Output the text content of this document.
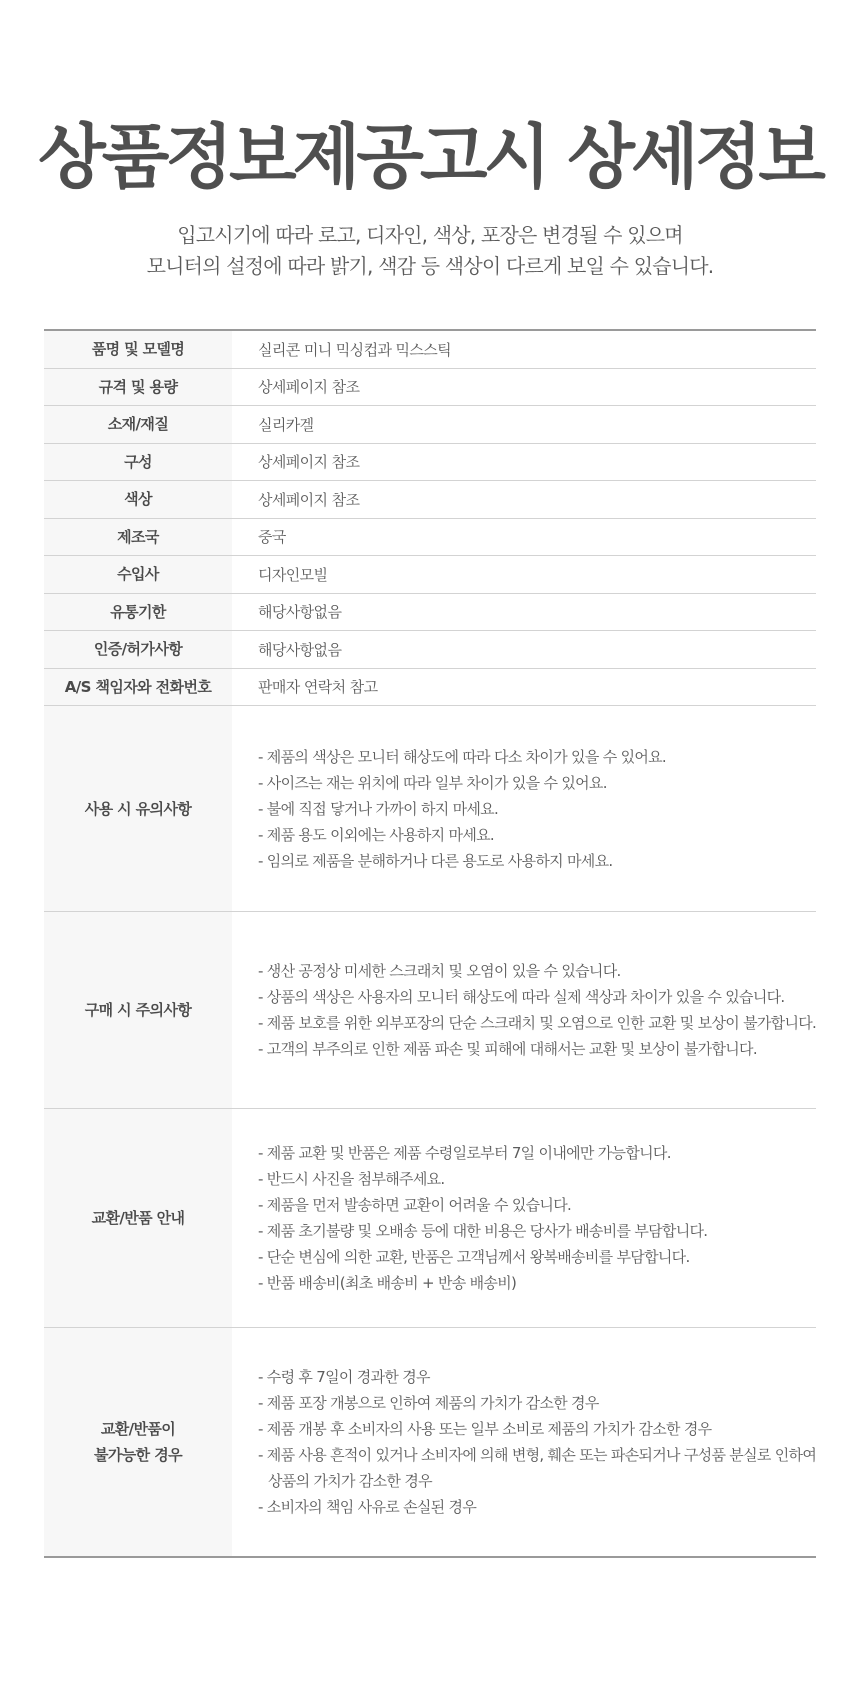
상품정보제공고시 상세정보
입고시기에 따라 로고, 디자인, 색상, 포장은 변경될 수 있으며
모니터의 설정에 따라 밝기, 색감 등 색상이 다르게 보일 수 있습니다.
품명 및 모델명	실리콘 미니 믹싱컵과 믹스스틱
규격 및 용량	상세페이지 참조
소재/재질	실리카겔
구성	상세페이지 참조
색상	상세페이지 참조
제조국	중국
수입사	디자인모빌
유통기한	해당사항없음
인증/허가사항	해당사항없음
A/S 책임자와 전화번호	판매자 연락처 참고
사용 시 유의사항
- 제품의 색상은 모니터 해상도에 따라 다소 차이가 있을 수 있어요.
- 사이즈는 재는 위치에 따라 일부 차이가 있을 수 있어요.
- 불에 직접 닿거나 가까이 하지 마세요.
- 제품 용도 이외에는 사용하지 마세요.
- 임의로 제품을 분해하거나 다른 용도로 사용하지 마세요.
구매 시 주의사항
- 생산 공정상 미세한 스크래치 및 오염이 있을 수 있습니다.
- 상품의 색상은 사용자의 모니터 해상도에 따라 실제 색상과 차이가 있을 수 있습니다.
- 제품 보호를 위한 외부포장의 단순 스크래치 및 오염으로 인한 교환 및 보상이 불가합니다.
- 고객의 부주의로 인한 제품 파손 및 피해에 대해서는 교환 및 보상이 불가합니다.
교환/반품 안내
- 제품 교환 및 반품은 제품 수령일로부터 7일 이내에만 가능합니다.
- 반드시 사진을 첨부해주세요.
- 제품을 먼저 발송하면 교환이 어려울 수 있습니다.
- 제품 초기불량 및 오배송 등에 대한 비용은 당사가 배송비를 부담합니다.
- 단순 변심에 의한 교환, 반품은 고객님께서 왕복배송비를 부담합니다.
- 반품 배송비(최초 배송비 + 반송 배송비)
교환/반품이
불가능한 경우
- 수령 후 7일이 경과한 경우
- 제품 포장 개봉으로 인하여 제품의 가치가 감소한 경우
- 제품 개봉 후 소비자의 사용 또는 일부 소비로 제품의 가치가 감소한 경우
- 제품 사용 흔적이 있거나 소비자에 의해 변형, 훼손 또는 파손되거나 구성품 분실로 인하여
상품의 가치가 감소한 경우
- 소비자의 책임 사유로 손실된 경우
